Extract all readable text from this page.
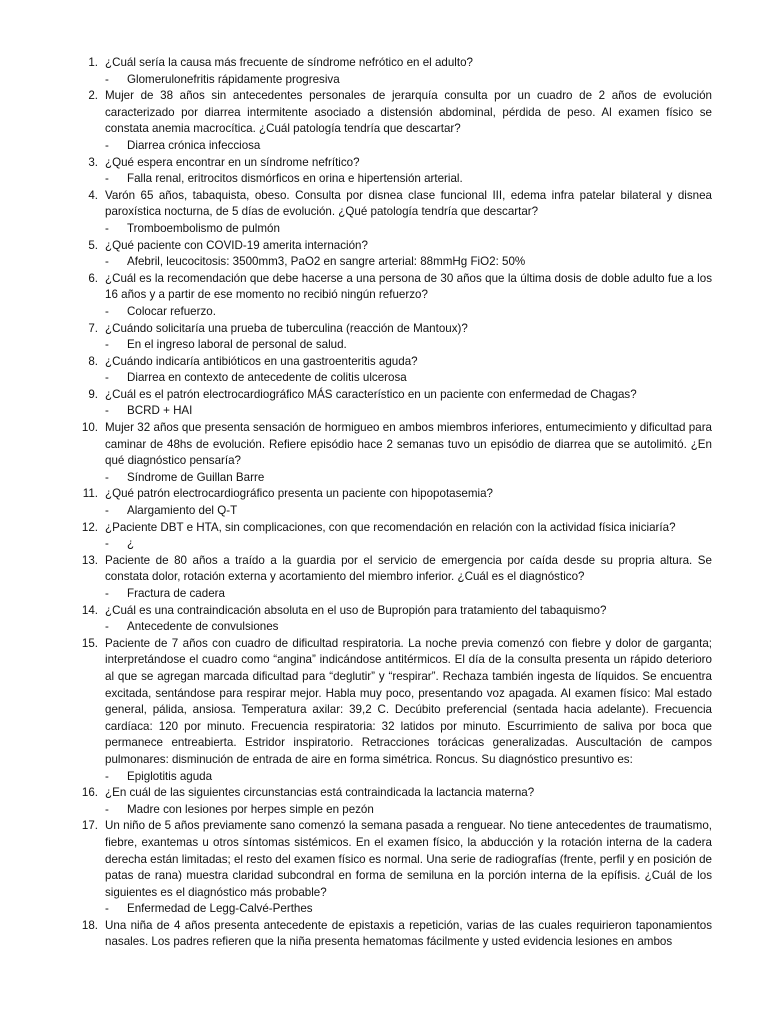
1. ¿Cuál sería la causa más frecuente de síndrome nefrótico en el adulto?
-	Glomerulonefritis rápidamente progresiva
2. Mujer de 38 años sin antecedentes personales de jerarquía consulta por un cuadro de 2 años de evolución caracterizado por diarrea intermitente asociado a distensión abdominal, pérdida de peso. Al examen físico se constata anemia macrocítica. ¿Cuál patología tendría que descartar?
-	Diarrea crónica infecciosa
3. ¿Qué espera encontrar en un síndrome nefrítico?
-	Falla renal, eritrocitos dismórficos en orina e hipertensión arterial.
4. Varón 65 años, tabaquista, obeso. Consulta por disnea clase funcional III, edema infra patelar bilateral y disnea paroxística nocturna, de 5 días de evolución. ¿Qué patología tendría que descartar?
-	Tromboembolismo de pulmón
5. ¿Qué paciente con COVID-19 amerita internación?
-	Afebril, leucocitosis: 3500mm3, PaO2 en sangre arterial: 88mmHg FiO2: 50%
6. ¿Cuál es la recomendación que debe hacerse a una persona de 30 años que la última dosis de doble adulto fue a los 16 años y a partir de ese momento no recibió ningún refuerzo?
-	Colocar refuerzo.
7. ¿Cuándo solicitaría una prueba de tuberculina (reacción de Mantoux)?
-	En el ingreso laboral de personal de salud.
8. ¿Cuándo indicaría antibióticos en una gastroenteritis aguda?
-	Diarrea en contexto de antecedente de colitis ulcerosa
9. ¿Cuál es el patrón electrocardiográfico MÁS característico en un paciente con enfermedad de Chagas?
-	BCRD + HAI
10. Mujer 32 años que presenta sensación de hormigueo en ambos miembros inferiores, entumecimiento y dificultad para caminar de 48hs de evolución. Refiere episódio hace 2 semanas tuvo un episódio de diarrea que se autolimitó. ¿En qué diagnóstico pensaría?
-	Síndrome de Guillan Barre
11. ¿Qué patrón electrocardiográfico presenta un paciente con hipopotasemia?
-	Alargamiento del Q-T
12. ¿Paciente DBT e HTA, sin complicaciones, con que recomendación en relación con la actividad física iniciaría?
-	¿
13. Paciente de 80 años a traído a la guardia por el servicio de emergencia por caída desde su propria altura. Se constata dolor, rotación externa y acortamiento del miembro inferior. ¿Cuál es el diagnóstico?
-	Fractura de cadera
14. ¿Cuál es una contraindicación absoluta en el uso de Bupropión para tratamiento del tabaquismo?
-	Antecedente de convulsiones
15. Paciente de 7 años con cuadro de dificultad respiratoria. La noche previa comenzó con fiebre y dolor de garganta; interpretándose el cuadro como “angina” indicándose antitérmicos. El día de la consulta presenta un rápido deterioro al que se agregan marcada dificultad para “deglutir” y “respirar”. Rechaza también ingesta de líquidos. Se encuentra excitada, sentándose para respirar mejor. Habla muy poco, presentando voz apagada. Al examen físico: Mal estado general, pálida, ansiosa. Temperatura axilar: 39,2 C. Decúbito preferencial (sentada hacia adelante). Frecuencia cardíaca: 120 por minuto. Frecuencia respiratoria: 32 latidos por minuto. Escurrimiento de saliva por boca que permanece entreabierta. Estridor inspiratorio. Retracciones torácicas generalizadas. Auscultación de campos pulmonares: disminución de entrada de aire en forma simétrica. Roncus. Su diagnóstico presuntivo es:
-	Epiglotitis aguda
16. ¿En cuál de las siguientes circunstancias está contraindicada la lactancia materna?
-	Madre con lesiones por herpes simple en pezón
17. Un niño de 5 años previamente sano comenzó la semana pasada a renguear. No tiene antecedentes de traumatismo, fiebre, exantemas u otros síntomas sistémicos. En el examen físico, la abducción y la rotación interna de la cadera derecha están limitadas; el resto del examen físico es normal. Una serie de radiografías (frente, perfil y en posición de patas de rana) muestra claridad subcondral en forma de semiluna en la porción interna de la epífisis. ¿Cuál de los siguientes es el diagnóstico más probable?
-	Enfermedad de Legg-Calvé-Perthes
18. Una niña de 4 años presenta antecedente de epistaxis a repetición, varias de las cuales requirieron taponamientos nasales. Los padres refieren que la niña presenta hematomas fácilmente y usted evidencia lesiones en ambos
